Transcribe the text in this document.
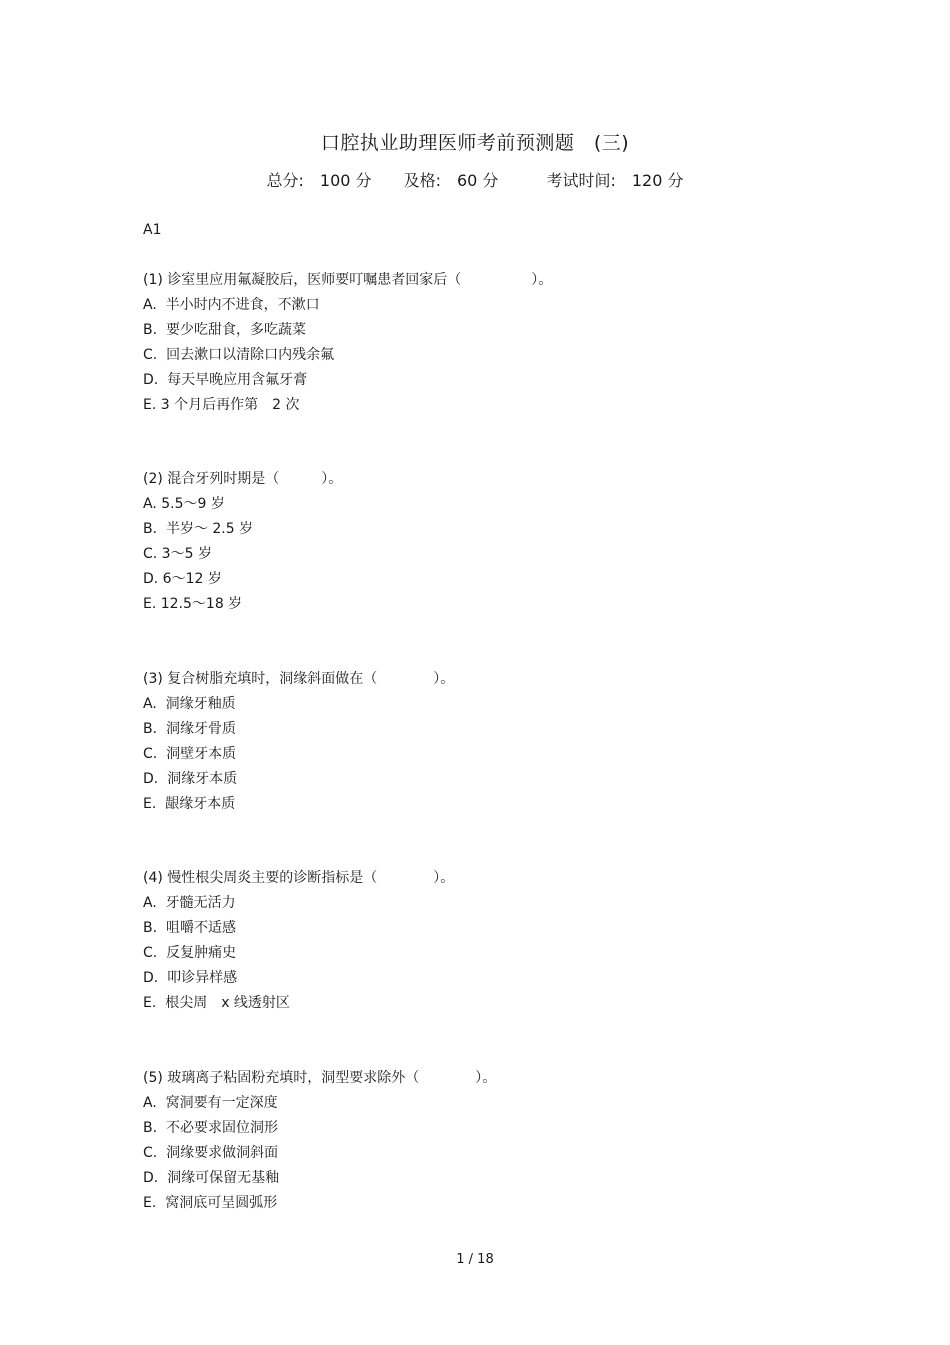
口腔执业助理医师考前预测题　(三)
总分:　100 分　　 及格:　60 分　　　	考试时间:　120 分
A1
(1) 诊室里应用氟凝胶后，医师要叮嘱患者回家后（　　　　　）。
A.  半小时内不进食，不漱口
B.  要少吃甜食，多吃蔬菜
C.  回去漱口以清除口内残余氟
D.  每天早晚应用含氟牙膏
E. 3 个月后再作第　2 次
(2) 混合牙列时期是（　　　）。
A. 5.5～9 岁
B.  半岁～ 2.5 岁
C. 3～5 岁
D. 6～12 岁
E. 12.5～18 岁
(3) 复合树脂充填时，洞缘斜面做在（　　　　）。
A.  洞缘牙釉质
B.  洞缘牙骨质
C.  洞壁牙本质
D.  洞缘牙本质
E.  龈缘牙本质
(4) 慢性根尖周炎主要的诊断指标是（　　　　）。
A.  牙髓无活力
B.  咀嚼不适感
C.  反复肿痛史
D.  叩诊异样感
E.  根尖周　x 线透射区
(5) 玻璃离子粘固粉充填时，洞型要求除外（　　　　）。
A.  窝洞要有一定深度
B.  不必要求固位洞形
C.  洞缘要求做洞斜面
D.  洞缘可保留无基釉
E.  窝洞底可呈圆弧形
1 / 18
